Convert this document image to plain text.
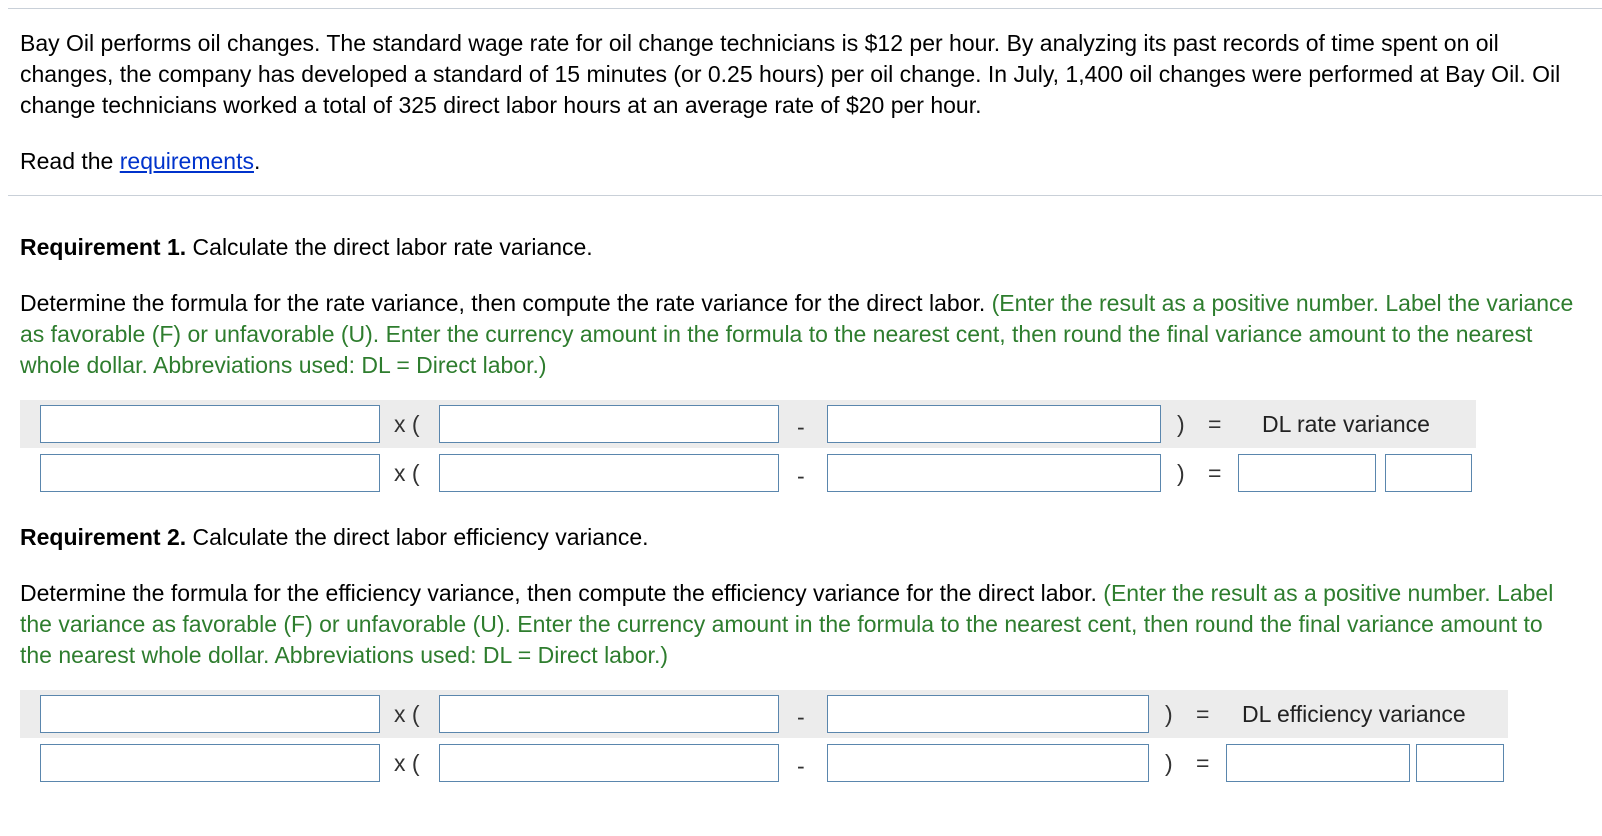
Bay Oil performs oil changes. The standard wage rate for oil change technicians is $12 per hour. By analyzing its past records of time spent on oil changes, the company has developed a standard of 15 minutes (or 0.25 hours) per oil change. In July, 1,400 oil changes were performed at Bay Oil. Oil change technicians worked a total of 325 direct labor hours at an average rate of $20 per hour.
Read the requirements.
Requirement 1. Calculate the direct labor rate variance.
Determine the formula for the rate variance, then compute the rate variance for the direct labor. (Enter the result as a positive number. Label the variance as favorable (F) or unfavorable (U). Enter the currency amount in the formula to the nearest cent, then round the final variance amount to the nearest whole dollar. Abbreviations used: DL = Direct labor.)
x (	-	) = DL rate variance
x (	-	) =
Requirement 2. Calculate the direct labor efficiency variance.
Determine the formula for the efficiency variance, then compute the efficiency variance for the direct labor. (Enter the result as a positive number. Label the variance as favorable (F) or unfavorable (U). Enter the currency amount in the formula to the nearest cent, then round the final variance amount to the nearest whole dollar. Abbreviations used: DL = Direct labor.)
x (	-	) = DL efficiency variance
x (	-	) =
